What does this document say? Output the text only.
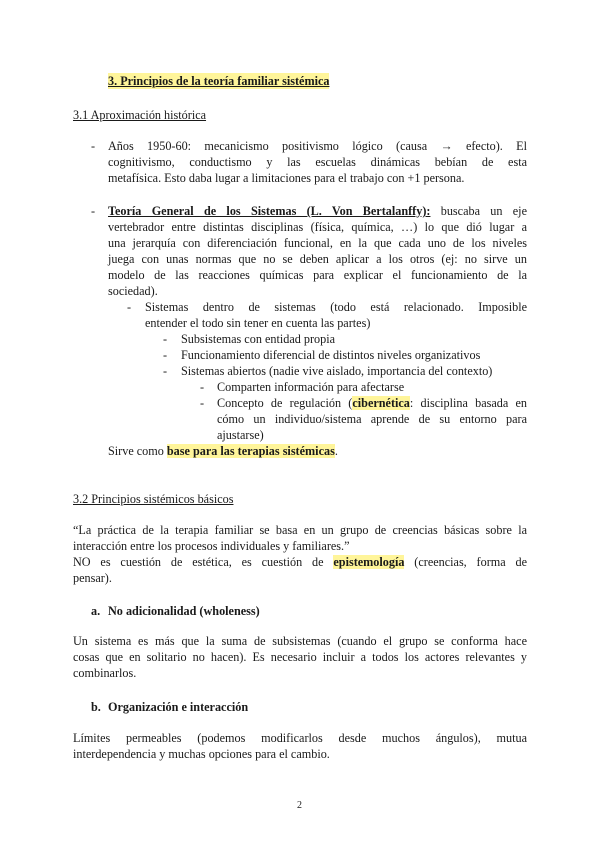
3. Principios de la teoría familiar sistémica
3.1 Aproximación histórica
- Años 1950-60: mecanicismo positivismo lógico (causa → efecto). El
cognitivismo, conductismo y las escuelas dinámicas bebían de esta
metafísica. Esto daba lugar a limitaciones para el trabajo con +1 persona.
- Teoría General de los Sistemas (L. Von Bertalanffy): buscaba un eje
vertebrador entre distintas disciplinas (física, química, …) lo que dió lugar a
una jerarquía con diferenciación funcional, en la que cada uno de los niveles
juega con unas normas que no se deben aplicar a los otros (ej: no sirve un
modelo de las reacciones químicas para explicar el funcionamiento de la
sociedad).
- Sistemas dentro de sistemas (todo está relacionado. Imposible
entender el todo sin tener en cuenta las partes)
- Subsistemas con entidad propia
- Funcionamiento diferencial de distintos niveles organizativos
- Sistemas abiertos (nadie vive aislado, importancia del contexto)
- Comparten información para afectarse
- Concepto de regulación (cibernética: disciplina basada en
cómo un individuo/sistema aprende de su entorno para
ajustarse)
Sirve como base para las terapias sistémicas.
3.2 Principios sistémicos básicos
“La práctica de la terapia familiar se basa en un grupo de creencias básicas sobre la
interacción entre los procesos individuales y familiares.”
NO es cuestión de estética, es cuestión de epistemología (creencias, forma de
pensar).
a. No adicionalidad (wholeness)
Un sistema es más que la suma de subsistemas (cuando el grupo se conforma hace
cosas que en solitario no hacen). Es necesario incluir a todos los actores relevantes y
combinarlos.
b. Organización e interacción
Límites permeables (podemos modificarlos desde muchos ángulos), mutua
interdependencia y muchas opciones para el cambio.
2
